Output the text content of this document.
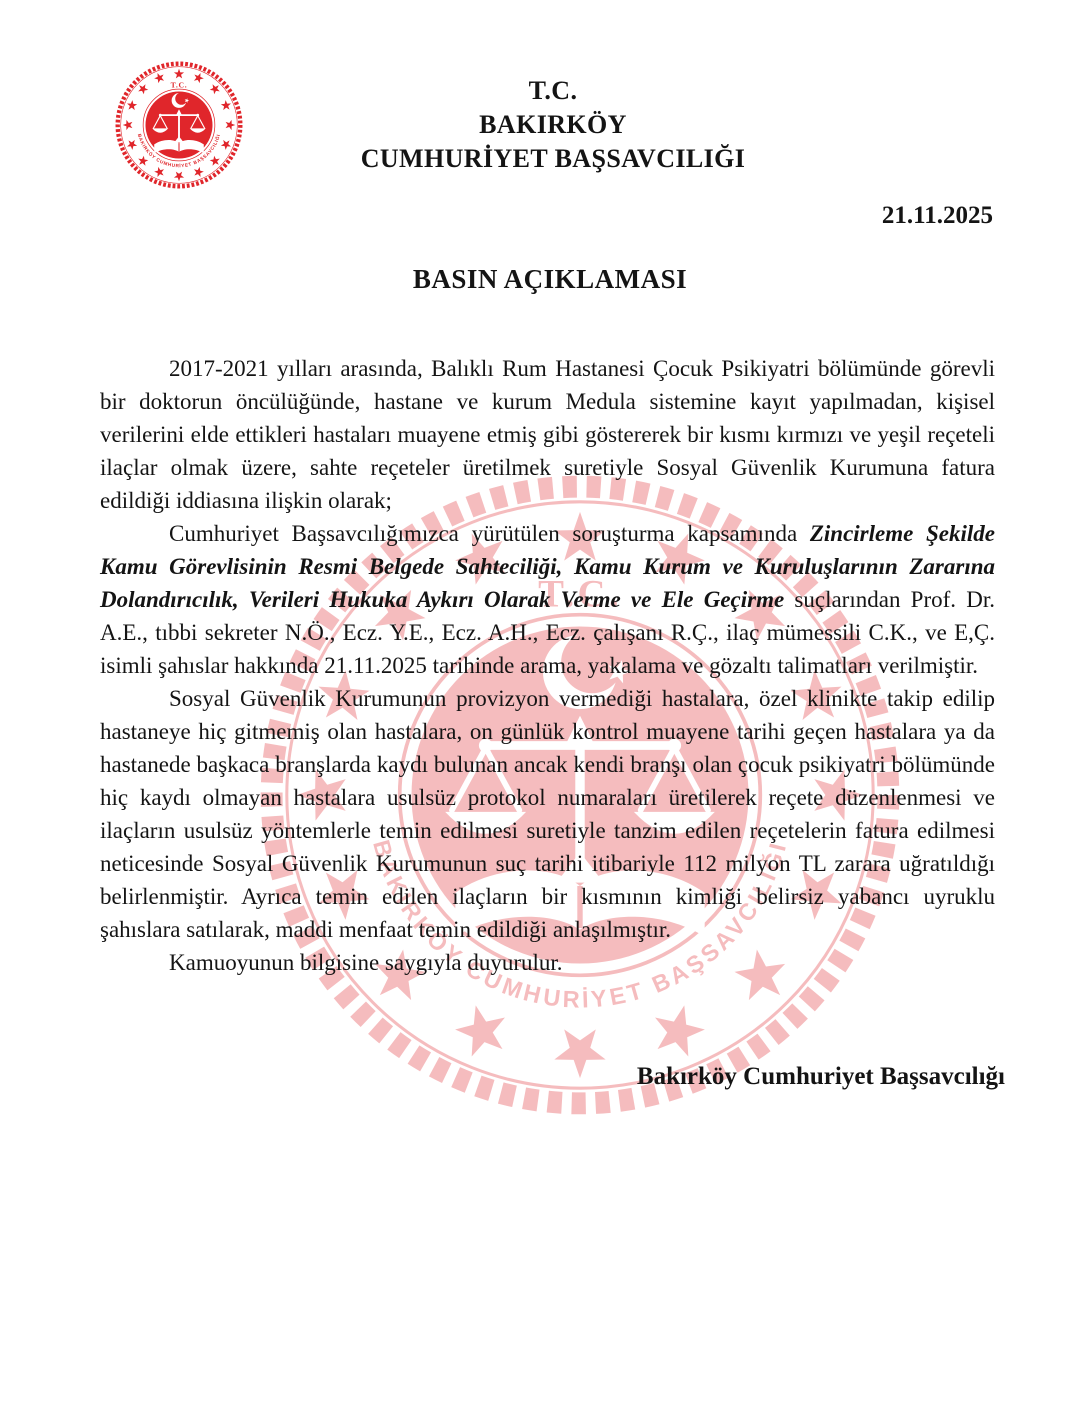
T.C.
BAKIRKÖY
CUMHURİYET BAŞSAVCILIĞI
21.11.2025
BASIN AÇIKLAMASI

2017-2021 yılları arasında, Balıklı Rum Hastanesi Çocuk Psikiyatri bölümünde görevli bir doktorun öncülüğünde, hastane ve kurum Medula sistemine kayıt yapılmadan, kişisel verilerini elde ettikleri hastaları muayene etmiş gibi göstererek bir kısmı kırmızı ve yeşil reçeteli ilaçlar olmak üzere, sahte reçeteler üretilmek suretiyle Sosyal Güvenlik Kurumuna fatura edildiği iddiasına ilişkin olarak;

Cumhuriyet Başsavcılığımızca yürütülen soruşturma kapsamında Zincirleme Şekilde Kamu Görevlisinin Resmi Belgede Sahteciliği, Kamu Kurum ve Kuruluşlarının Zararına Dolandırıcılık, Verileri Hukuka Aykırı Olarak Verme ve Ele Geçirme suçlarından Prof. Dr. A.E., tıbbi sekreter N.Ö., Ecz. Y.E., Ecz. A.H., Ecz. çalışanı R.Ç., ilaç mümessili C.K., ve E,Ç. isimli şahıslar hakkında 21.11.2025 tarihinde arama, yakalama ve gözaltı talimatları verilmiştir.

Sosyal Güvenlik Kurumunun provizyon vermediği hastalara, özel klinikte takip edilip hastaneye hiç gitmemiş olan hastalara, on günlük kontrol muayene tarihi geçen hastalara ya da hastanede başkaca branşlarda kaydı bulunan ancak kendi branşı olan çocuk psikiyatri bölümünde hiç kaydı olmayan hastalara usulsüz protokol numaraları üretilerek reçete düzenlenmesi ve ilaçların usulsüz yöntemlerle temin edilmesi suretiyle tanzim edilen reçetelerin fatura edilmesi neticesinde Sosyal Güvenlik Kurumunun suç tarihi itibariyle 112 milyon TL zarara uğratıldığı belirlenmiştir. Ayrıca temin edilen ilaçların bir kısmının kimliği belirsiz yabancı uyruklu şahıslara satılarak, maddi menfaat temin edildiği anlaşılmıştır.

Kamuoyunun bilgisine saygıyla duyurulur.

Bakırköy Cumhuriyet Başsavcılığı
